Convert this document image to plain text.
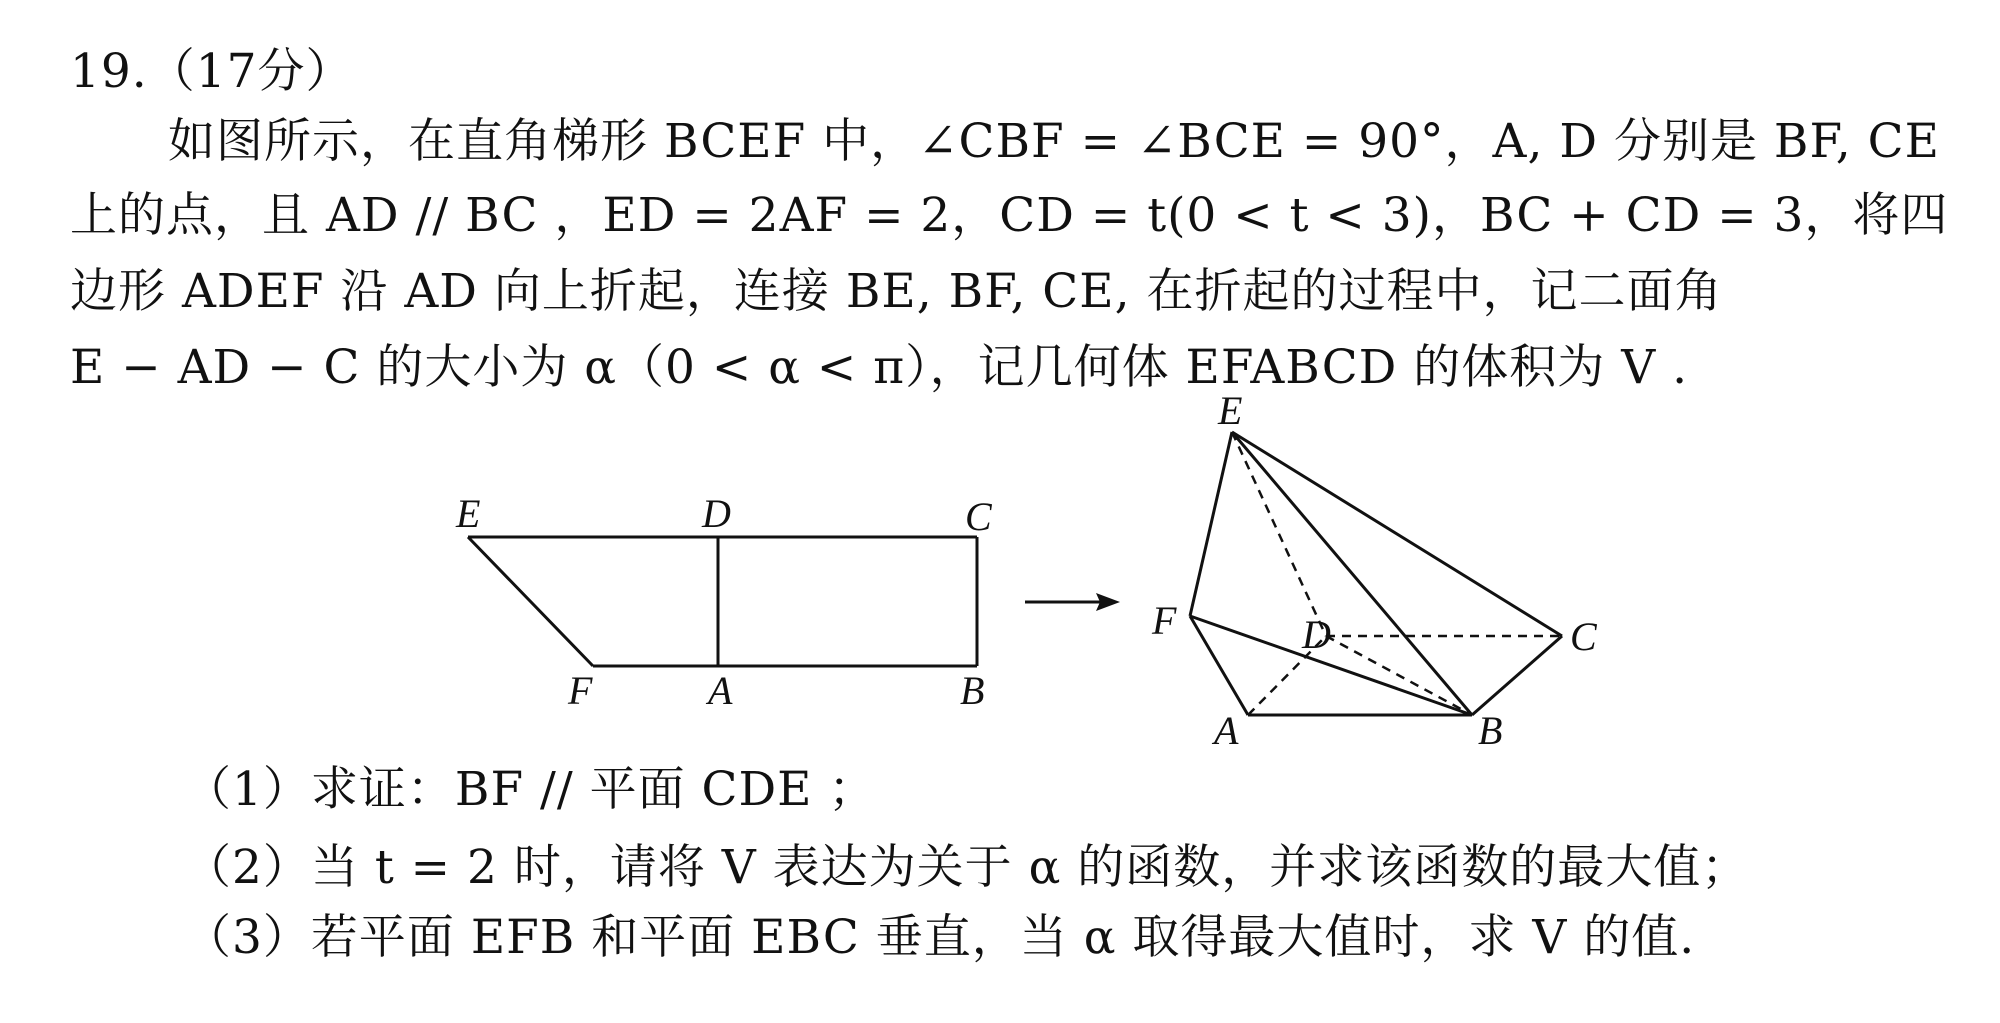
19.（17分）
如图所示，在直角梯形 BCEF 中，∠CBF = ∠BCE = 90°，A, D 分别是 BF, CE
上的点，且 AD // BC ，ED = 2AF = 2，CD = t(0 < t < 3)，BC + CD = 3，将四
边形 ADEF 沿 AD 向上折起，连接 BE, BF, CE, 在折起的过程中，记二面角
E − AD − C 的大小为 α（0 < α < π），记几何体 EFABCD 的体积为 V .
（1）求证：BF // 平面 CDE ；
（2）当 t = 2 时，请将 V 表达为关于 α 的函数，并求该函数的最大值；
（3）若平面 EFB 和平面 EBC 垂直，当 α 取得最大值时，求 V 的值.
E	D	C
F	A	B
E
F	D	C
A	B
